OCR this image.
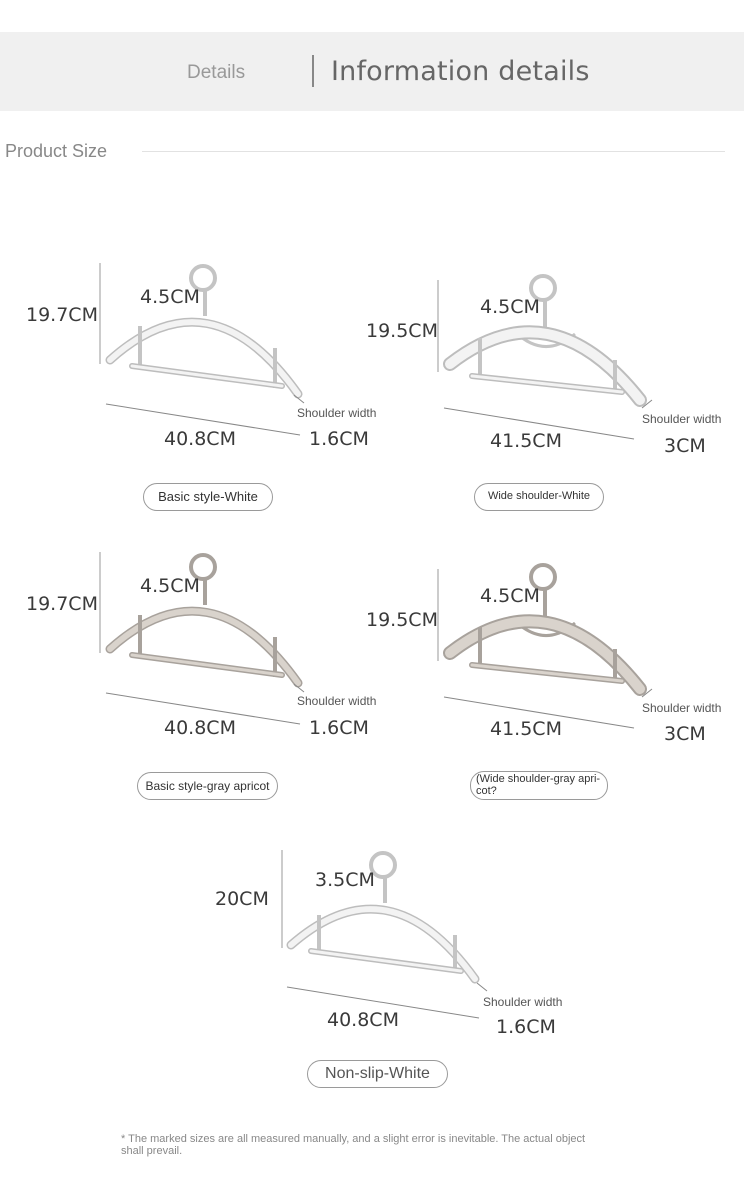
Details	Information details
Product Size
19.7CM
4.5CM
40.8CM
Shoulder width
1.6CM
Basic style-White
19.5CM
4.5CM
41.5CM
Shoulder width
3CM
Wide shoulder-White
19.7CM
4.5CM
40.8CM
Shoulder width
1.6CM
Basic style-gray apricot
19.5CM
4.5CM
41.5CM
Shoulder width
3CM
(Wide shoulder-gray apri-cot?
20CM
3.5CM
40.8CM
Shoulder width
1.6CM
Non-slip-White
* The marked sizes are all measured manually, and a slight error is inevitable. The actual object shall prevail.
